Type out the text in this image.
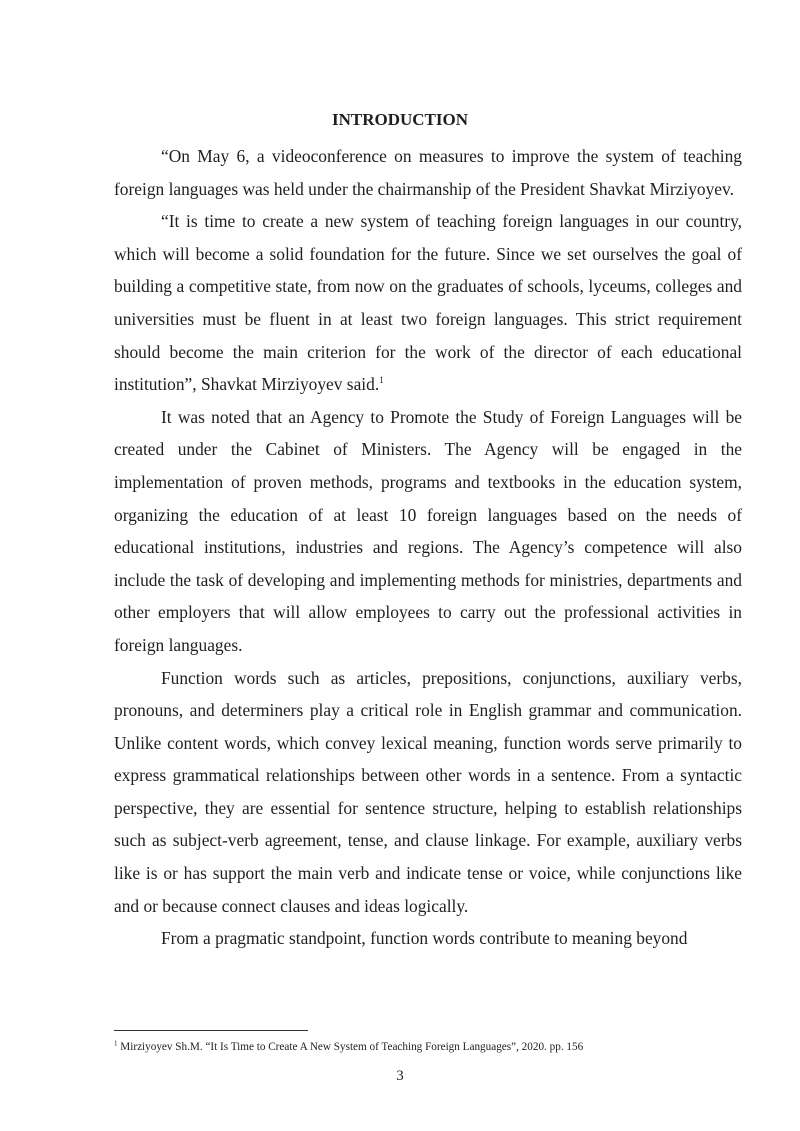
INTRODUCTION

“On May 6, a videoconference on measures to improve the system of teaching foreign languages was held under the chairmanship of the President Shavkat Mirziyoyev.

“It is time to create a new system of teaching foreign languages in our country, which will become a solid foundation for the future. Since we set ourselves the goal of building a competitive state, from now on the graduates of schools, lyceums, colleges and universities must be fluent in at least two foreign languages. This strict requirement should become the main criterion for the work of the director of each educational institution”, Shavkat Mirziyoyev said.$^1$

It was noted that an Agency to Promote the Study of Foreign Languages will be created under the Cabinet of Ministers. The Agency will be engaged in the implementation of proven methods, programs and textbooks in the education system, organizing the education of at least 10 foreign languages based on the needs of educational institutions, industries and regions. The Agency’s competence will also include the task of developing and implementing methods for ministries, departments and other employers that will allow employees to carry out the professional activities in foreign languages.

Function words such as articles, prepositions, conjunctions, auxiliary verbs, pronouns, and determiners play a critical role in English grammar and communication. Unlike content words, which convey lexical meaning, function words serve primarily to express grammatical relationships between other words in a sentence. From a syntactic perspective, they are essential for sentence structure, helping to establish relationships such as subject-verb agreement, tense, and clause linkage. For example, auxiliary verbs like is or has support the main verb and indicate tense or voice, while conjunctions like and or because connect clauses and ideas logically.

From a pragmatic standpoint, function words contribute to meaning beyond

$^1$ Mirziyoyev Sh.M. “It Is Time to Create A New System of Teaching Foreign Languages”, 2020. pp. 156
3
